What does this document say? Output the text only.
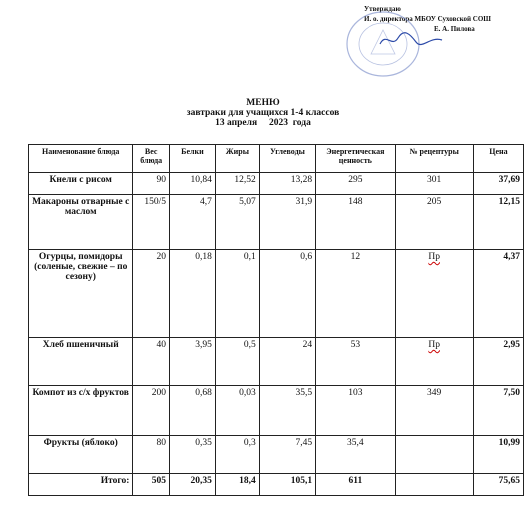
Утверждаю
И. о. директора МБОУ Суховской СОШ
Е. А. Пилова
МЕНЮ
завтраки для учащихся 1-4 классов
13 апреля     2023  года
Наименование блюда	Вес блюда	Белки	Жиры	Углеводы	Энергетическая ценность	№ рецептуры	Цена
Кнели с рисом	90	10,84	12,52	13,28	295	301	37,69
Макароны отварные с маслом	150/5	4,7	5,07	31,9	148	205	12,15
Огурцы, помидоры (соленые, свежие – по сезону)	20	0,18	0,1	0,6	12	Пр	4,37
Хлеб пшеничный	40	3,95	0,5	24	53	Пр	2,95
Компот из с/х фруктов	200	0,68	0,03	35,5	103	349	7,50
Фрукты (яблоко)	80	0,35	0,3	7,45	35,4		10,99
Итого:	505	20,35	18,4	105,1	611		75,65
